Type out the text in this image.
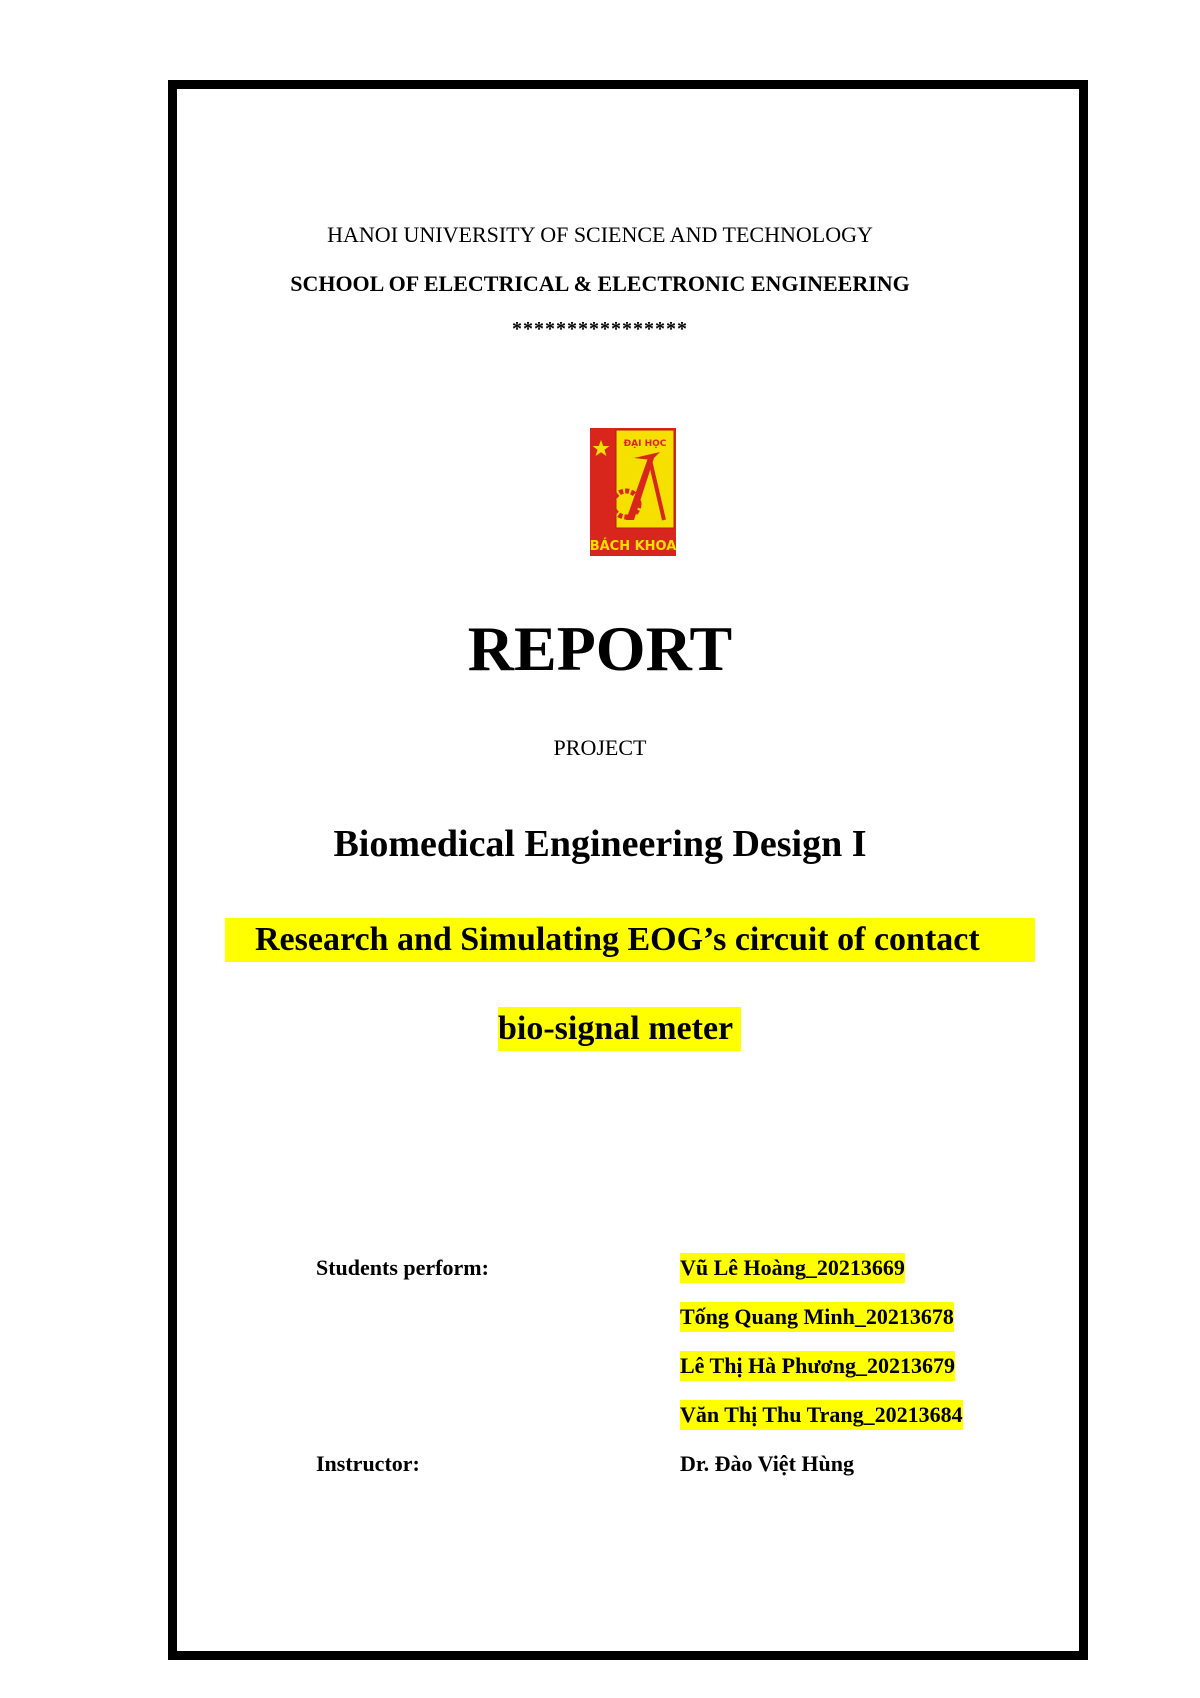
HANOI UNIVERSITY OF SCIENCE AND TECHNOLOGY
SCHOOL OF ELECTRICAL & ELECTRONIC ENGINEERING
****************
ĐẠI HỌC
BÁCH KHOA
REPORT
PROJECT
Biomedical Engineering Design I
Research and Simulating EOG’s circuit of contact
bio-signal meter
Students perform:	Vũ Lê Hoàng_20213669
Tống Quang Minh_20213678
Lê Thị Hà Phương_20213679
Văn Thị Thu Trang_20213684
Instructor:	Dr. Đào Việt Hùng
